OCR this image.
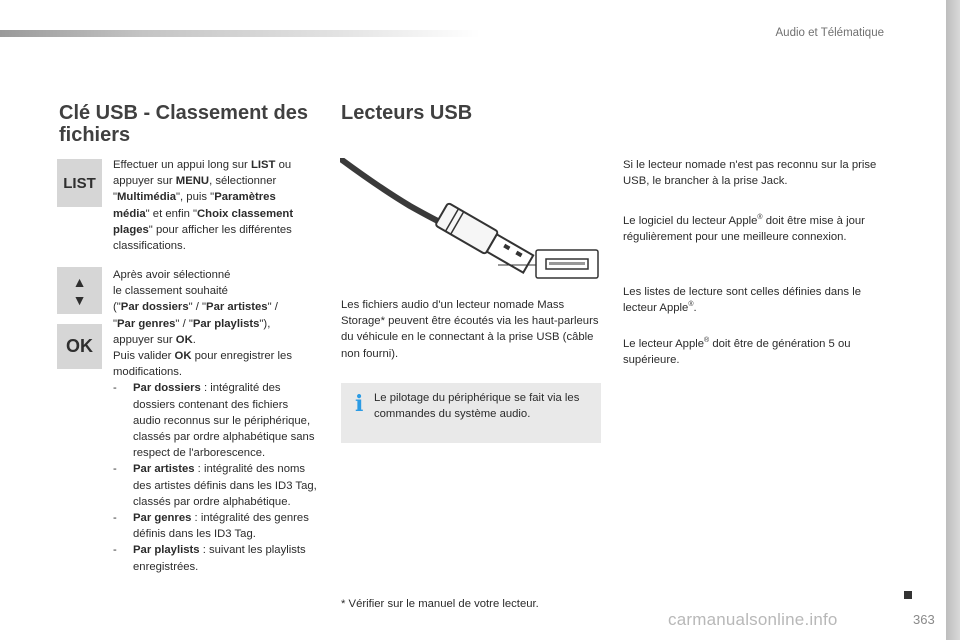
Audio et Télématique
Clé USB - Classement des fichiers
LIST
▲
▼
OK
Effectuer un appui long sur LIST ou appuyer sur MENU, sélectionner "Multimédia", puis "Paramètres média" et enfin "Choix classement plages" pour afficher les différentes classifications.
Après avoir sélectionné
le classement souhaité
("Par dossiers" / "Par artistes" /
"Par genres" / "Par playlists"),
appuyer sur OK.
Puis valider OK pour enregistrer les
modifications.
-	Par dossiers : intégralité des dossiers contenant des fichiers audio reconnus sur le périphérique, classés par ordre alphabétique sans respect de l'arborescence.
-	Par artistes : intégralité des noms des artistes définis dans les ID3 Tag, classés par ordre alphabétique.
-	Par genres : intégralité des genres définis dans les ID3 Tag.
-	Par playlists : suivant les playlists enregistrées.
Lecteurs USB
Les fichiers audio d'un lecteur nomade Mass Storage* peuvent être écoutés via les haut-parleurs du véhicule en le connectant à la prise USB (câble non fourni).
i Le pilotage du périphérique se fait via les commandes du système audio.
* Vérifier sur le manuel de votre lecteur.
Si le lecteur nomade n'est pas reconnu sur la prise USB, le brancher à la prise Jack.
Le logiciel du lecteur Apple® doit être mise à jour régulièrement pour une meilleure connexion.
Les listes de lecture sont celles définies dans le lecteur Apple®.
Le lecteur Apple® doit être de génération 5 ou supérieure.
carmanualsonline.info	363
